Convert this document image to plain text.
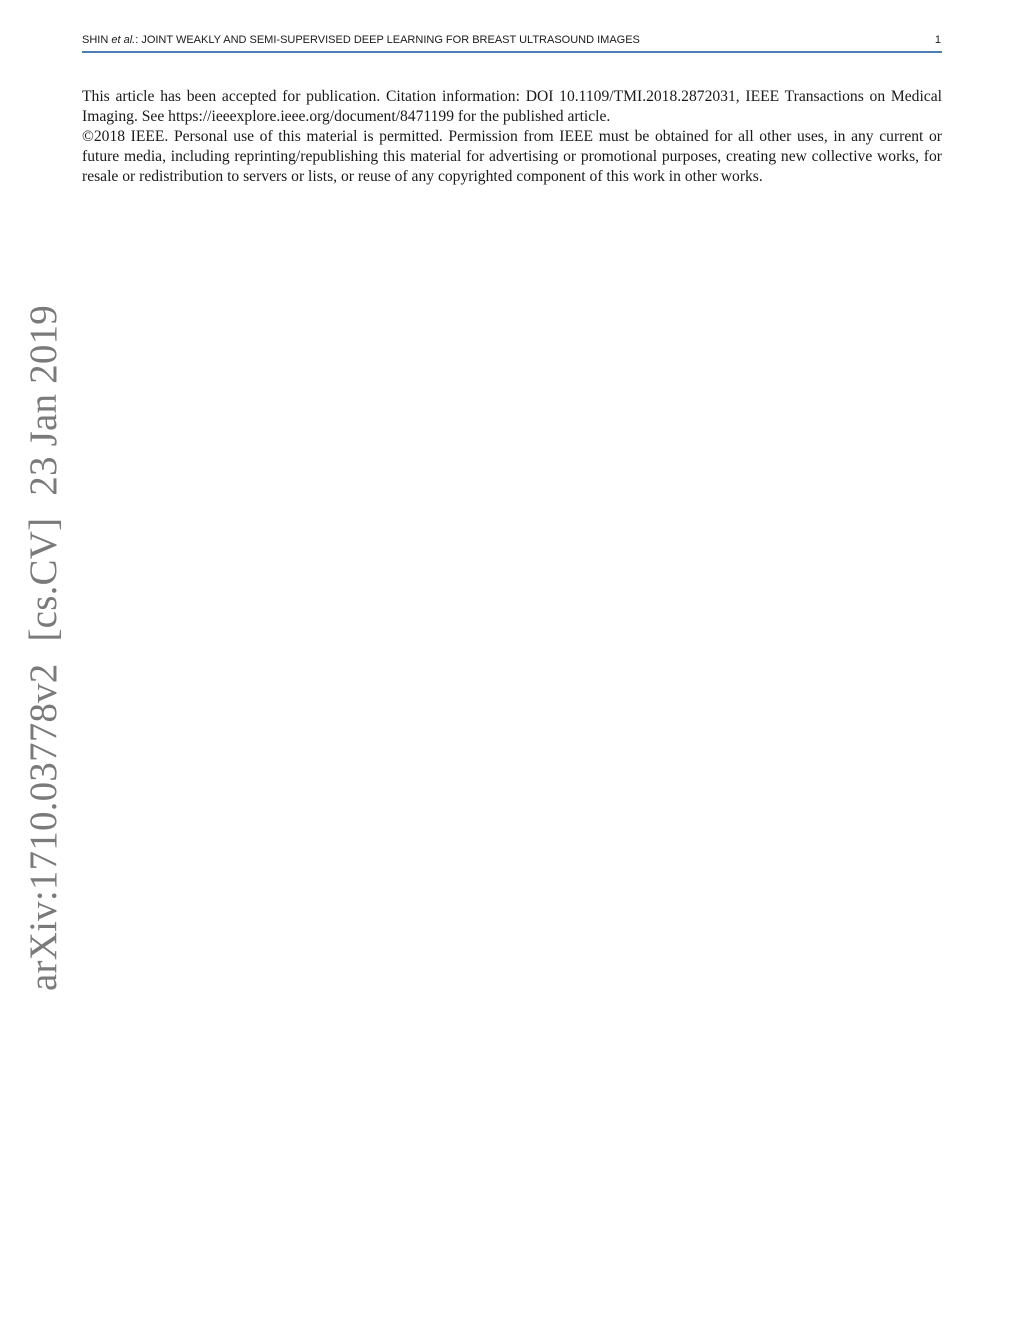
SHIN et al.: JOINT WEAKLY AND SEMI-SUPERVISED DEEP LEARNING FOR BREAST ULTRASOUND IMAGES	1

This article has been accepted for publication. Citation information: DOI 10.1109/TMI.2018.2872031, IEEE Transactions on Medical Imaging. See https://ieeexplore.ieee.org/document/8471199 for the published article.

©2018 IEEE. Personal use of this material is permitted. Permission from IEEE must be obtained for all other uses, in any current or future media, including reprinting/republishing this material for advertising or promotional purposes, creating new collective works, for resale or redistribution to servers or lists, or reuse of any copyrighted component of this work in other works.

arXiv:1710.03778v2[cs.CV]23 Jan 2019
